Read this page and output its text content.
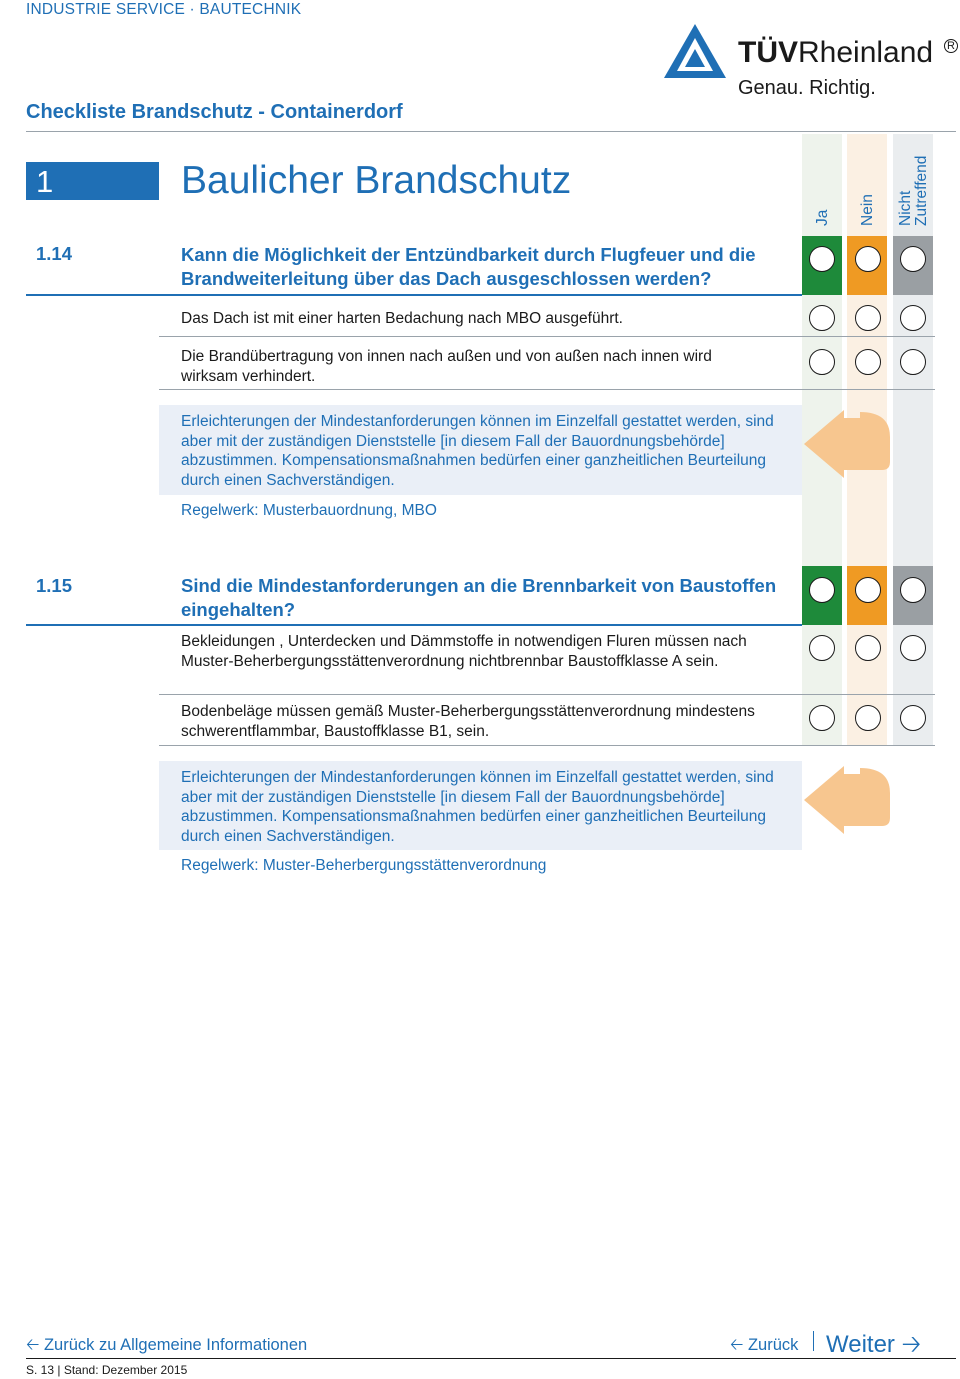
INDUSTRIE SERVICE · BAUTECHNIK
Checkliste Brandschutz - Containerdorf
TÜVRheinland R
Genau. Richtig.
Ja Nein Nicht Zutreffend
1	Baulicher Brandschutz
1.14	Kann die Möglichkeit der Entzündbarkeit durch Flugfeuer und die Brandweiterleitung über das Dach ausgeschlossen werden?
Das Dach ist mit einer harten Bedachung nach MBO ausgeführt.
Die Brandübertragung von innen nach außen und von außen nach innen wird wirksam verhindert.
Erleichterungen der Mindestanforderungen können im Einzelfall gestattet werden, sind aber mit der zuständigen Dienststelle [in diesem Fall der Bauordnungsbehörde] abzustimmen. Kompensationsmaßnahmen bedürfen einer ganzheitlichen Beurteilung durch einen Sachverständigen.
Regelwerk: Musterbauordnung, MBO
1.15	Sind die Mindestanforderungen an die Brennbarkeit von Baustoffen eingehalten?
Bekleidungen , Unterdecken und Dämmstoffe in notwendigen Fluren müssen nach Muster-Beherbergungsstättenverordnung nichtbrennbar Baustoffklasse A sein.
Bodenbeläge müssen gemäß Muster-Beherbergungsstättenverordnung mindestens schwerentflammbar, Baustoffklasse B1, sein.
Erleichterungen der Mindestanforderungen können im Einzelfall gestattet werden, sind aber mit der zuständigen Dienststelle [in diesem Fall der Bauordnungsbehörde] abzustimmen. Kompensationsmaßnahmen bedürfen einer ganzheitlichen Beurteilung durch einen Sachverständigen.
Regelwerk: Muster-Beherbergungsstättenverordnung
🡠 Zurück zu Allgemeine Informationen	🡠 Zurück Weiter 🡢
S. 13 | Stand: Dezember 2015
